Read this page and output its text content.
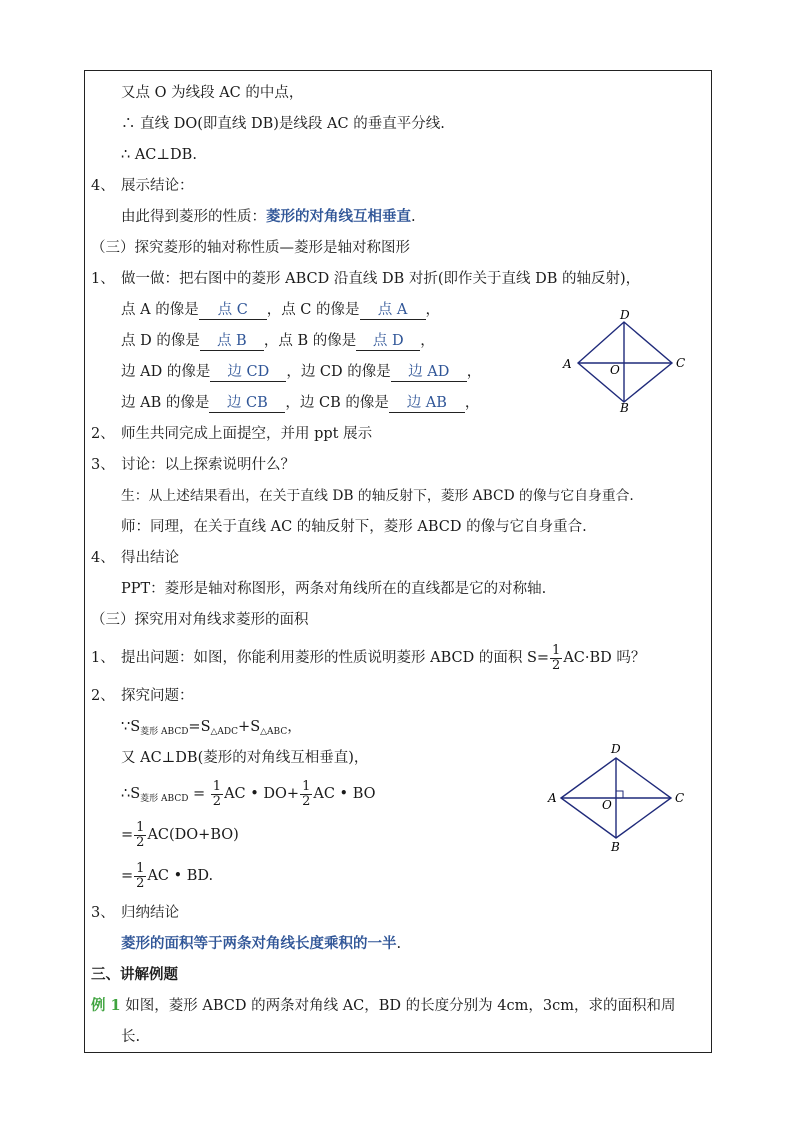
又点 O 为线段 AC 的中点，
∴ 直线 DO(即直线 DB)是线段 AC 的垂直平分线.
∴ AC⊥DB.
4、 展示结论：
由此得到菱形的性质：菱形的对角线互相垂直.
（三）探究菱形的轴对称性质—菱形是轴对称图形
1、 做一做：把右图中的菱形 ABCD 沿直线 DB 对折(即作关于直线 DB 的轴反射)，
点 A 的像是 点 C ，点 C 的像是 点 A ，
点 D 的像是 点 B ，点 B 的像是 点 D ，
边 AD 的像是 边 CD ，边 CD 的像是 边 AD ，
边 AB 的像是 边 CB ，边 CB 的像是 边 AB ，
2、 师生共同完成上面提空，并用 ppt 展示
3、 讨论：以上探索说明什么？
生：从上述结果看出，在关于直线 DB 的轴反射下，菱形 ABCD 的像与它自身重合.
师：同理，在关于直线 AC 的轴反射下，菱形 ABCD 的像与它自身重合.
4、 得出结论
PPT：菱形是轴对称图形，两条对角线所在的直线都是它的对称轴.
（三）探究用对角线求菱形的面积
1、 提出问题：如图，你能利用菱形的性质说明菱形 ABCD 的面积 $S= \frac{1}{2} AC\cdot BD$ 吗？
2、 探究问题：
$\because S_{菱形 ABCD}=S_{\triangle ADC}+S_{\triangle ABC}$，
又 AC⊥DB(菱形的对角线互相垂直)，
$\therefore S_{菱形 ABCD} = \frac{1}{2}$ AC • $DO+ \frac{1}{2}$ AC • BO
= $\frac{1}{2} AC(DO+BO)$
= $\frac{1}{2}$ AC • BD.
3、 归纳结论
菱形的面积等于两条对角线长度乘积的一半.
三、讲解例题
例 1 如图，菱形 ABCD 的两条对角线 AC，BD 的长度分别为 4cm，3cm，求的面积和周
长.
A	C
D
B
O
A	C
D
B
O
